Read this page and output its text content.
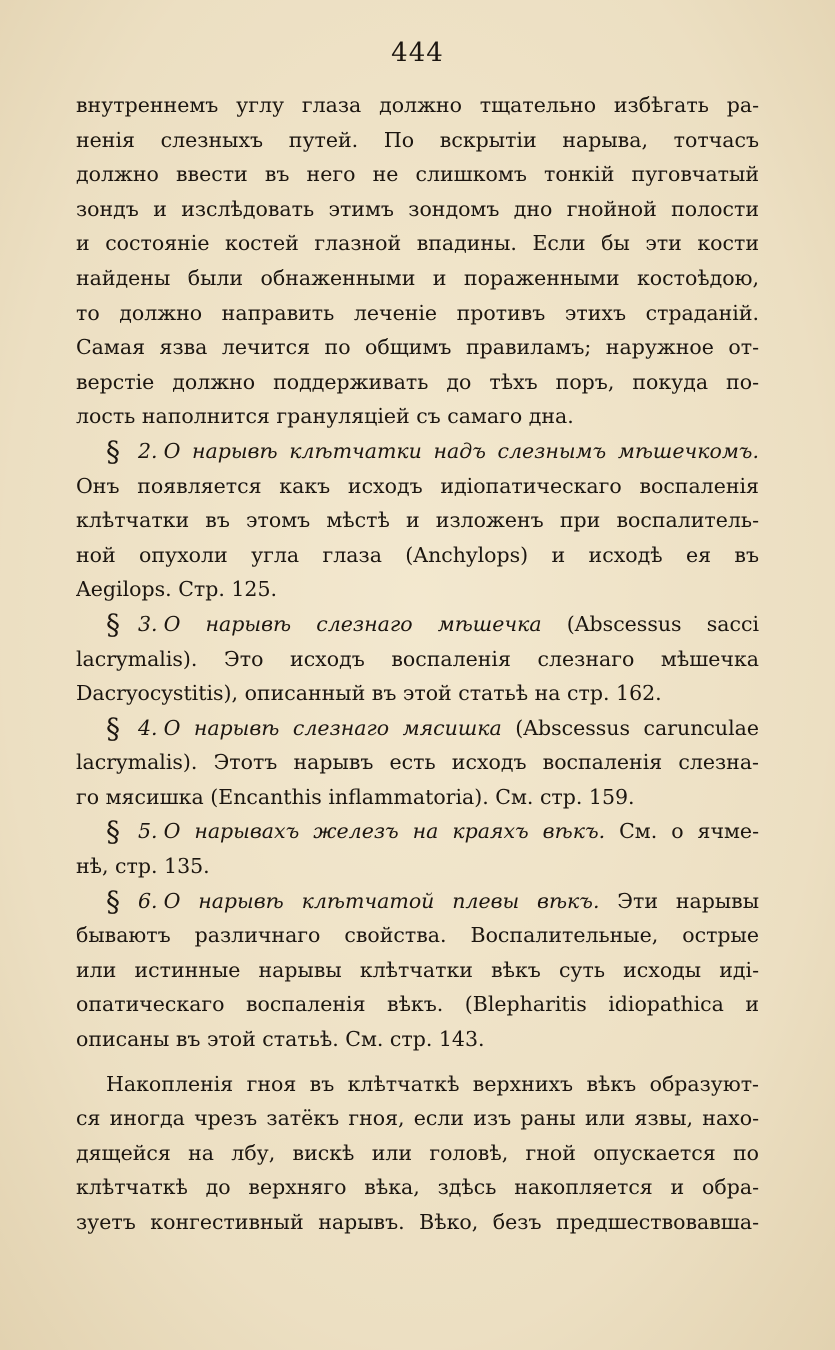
444
внутреннемъ углу глаза должно тщательно избѣгать ра-
ненія слезныхъ путей. По вскрытіи нарыва, тотчасъ
должно ввести въ него не слишкомъ тонкій пуговчатый
зондъ и изслѣдовать этимъ зондомъ дно гнойной полости
и состояніе костей глазной впадины. Если бы эти кости
найдены были обнаженными и пораженными костоѣдою,
то должно направить леченіе противъ этихъ страданій.
Самая язва лечится по общимъ правиламъ; наружное от-
верстіе должно поддерживать до тѣхъ поръ, покуда по-
лость наполнится грануляціей съ самаго дна.
§ 2. О нарывѣ клѣтчатки надъ слезнымъ мѣшечкомъ.
Онъ появляется какъ исходъ идіопатическаго воспаленія
клѣтчатки въ этомъ мѣстѣ и изложенъ при воспалитель-
ной опухоли угла глаза (Anchylops) и исходѣ ея въ
Aegilops. Стр. 125.
§ 3. О нарывѣ слезнаго мѣшечка (Abscessus sacci
lacrymalis). Это исходъ воспаленія слезнаго мѣшечка
Dacryocystitis), описанный въ этой статьѣ на стр. 162.
§ 4. О нарывѣ слезнаго мясишка (Abscessus carunculae
lacrymalis). Этотъ нарывъ есть исходъ воспаленія слезна-
го мясишка (Encanthis inflammatoria). См. стр. 159.
§ 5. О нарывахъ железъ на краяхъ вѣкъ. См. о ячме-
нѣ, стр. 135.
§ 6. О нарывѣ клѣтчатой плевы вѣкъ. Эти нарывы
бываютъ различнаго свойства. Воспалительные, острые
или истинные нарывы клѣтчатки вѣкъ суть исходы иді-
опатическаго воспаленія вѣкъ. (Blepharitis idiopathica и
описаны въ этой статьѣ. См. стр. 143.
Накопленія гноя въ клѣтчаткѣ верхнихъ вѣкъ образуют-
ся иногда чрезъ затёкъ гноя, если изъ раны или язвы, нахо-
дящейся на лбу, вискѣ или головѣ, гной опускается по
клѣтчаткѣ до верхняго вѣка, здѣсь накопляется и обра-
зуетъ конгестивный нарывъ. Вѣко, безъ предшествовавша-
